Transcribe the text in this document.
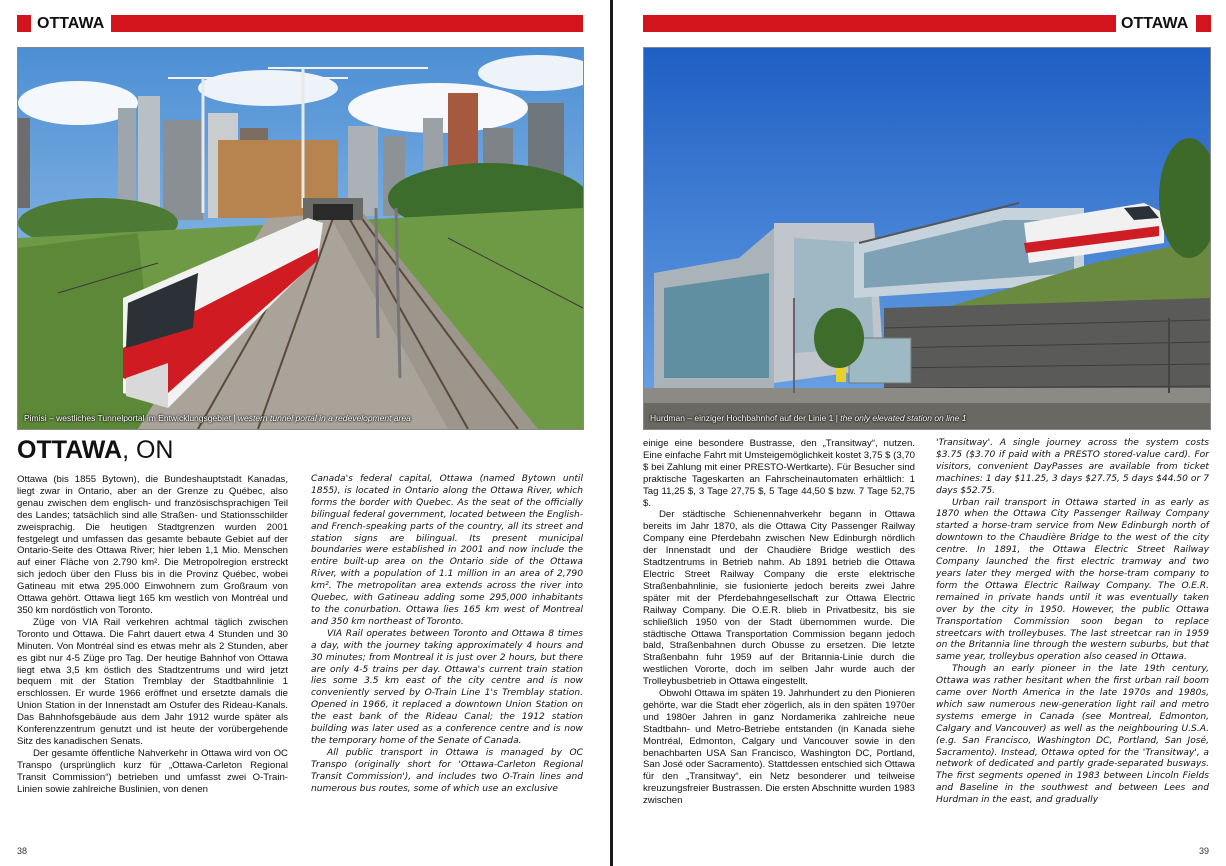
OTTAWA
Pimisi – westliches Tunnelportal im Entwicklungsgebiet | western tunnel portal in a redevelopment area
OTTAWA, ON

Ottawa (bis 1855 Bytown), die Bundeshauptstadt Kanadas, liegt zwar in Ontario, aber an der Grenze zu Québec, also genau zwischen dem englisch- und französischsprachigen Teil des Landes; tatsächlich sind alle Straßen- und Stationsschilder zweisprachig. Die heutigen Stadtgrenzen wurden 2001 festgelegt und umfassen das gesamte bebaute Gebiet auf der Ontario-Seite des Ottawa River; hier leben 1,1 Mio. Menschen auf einer Fläche von 2.790 km². Die Metropolregion erstreckt sich jedoch über den Fluss bis in die Provinz Québec, wobei Gatineau mit etwa 295.000 Einwohnern zum Großraum von Ottawa gehört. Ottawa liegt 165 km westlich von Montréal und 350 km nordöstlich von Toronto.

Züge von VIA Rail verkehren achtmal täglich zwischen Toronto und Ottawa. Die Fahrt dauert etwa 4 Stunden und 30 Minuten. Von Montréal sind es etwas mehr als 2 Stunden, aber es gibt nur 4-5 Züge pro Tag. Der heutige Bahnhof von Ottawa liegt etwa 3,5 km östlich des Stadtzentrums und wird jetzt bequem mit der Station Tremblay der Stadtbahnlinie 1 erschlossen. Er wurde 1966 eröffnet und ersetzte damals die Union Station in der Innenstadt am Ostufer des Rideau-Kanals. Das Bahnhofsgebäude aus dem Jahr 1912 wurde später als Konferenzzentrum genutzt und ist heute der vorübergehende Sitz des kanadischen Senats.

Der gesamte öffentliche Nahverkehr in Ottawa wird von OC Transpo (ursprünglich kurz für „Ottawa-Carleton Regional Transit Commission“) betrieben und umfasst zwei O-Train-Linien sowie zahlreiche Buslinien, von denen

Canada's federal capital, Ottawa (named Bytown until 1855), is located in Ontario along the Ottawa River, which forms the border with Quebec. As the seat of the officially bilingual federal government, located between the English- and French-speaking parts of the country, all its street and station signs are bilingual. Its present municipal boundaries were established in 2001 and now include the entire built-up area on the Ontario side of the Ottawa River, with a population of 1.1 million in an area of 2,790 km². The metropolitan area extends across the river into Quebec, with Gatineau adding some 295,000 inhabitants to the conurbation. Ottawa lies 165 km west of Montreal and 350 km northeast of Toronto.

VIA Rail operates between Toronto and Ottawa 8 times a day, with the journey taking approximately 4 hours and 30 minutes; from Montreal it is just over 2 hours, but there are only 4-5 trains per day. Ottawa's current train station lies some 3.5 km east of the city centre and is now conveniently served by O-Train Line 1's Tremblay station. Opened in 1966, it replaced a downtown Union Station on the east bank of the Rideau Canal; the 1912 station building was later used as a conference centre and is now the temporary home of the Senate of Canada.

All public transport in Ottawa is managed by OC Transpo (originally short for 'Ottawa-Carleton Regional Transit Commission'), and includes two O-Train lines and numerous bus routes, some of which use an exclusive

38
OTTAWA
Hurdman – einziger Hochbahnhof auf der Linie 1 | the only elevated station on line 1

einige eine besondere Bustrasse, den „Transitway“, nutzen. Eine einfache Fahrt mit Umsteigemöglichkeit kostet 3,75 $ (3,70 $ bei Zahlung mit einer PRESTO-Wertkarte). Für Besucher sind praktische Tageskarten an Fahrscheinautomaten erhältlich: 1 Tag 11,25 $, 3 Tage 27,75 $, 5 Tage 44,50 $ bzw. 7 Tage 52,75 $.

Der städtische Schienennahverkehr begann in Ottawa bereits im Jahr 1870, als die Ottawa City Passenger Railway Company eine Pferdebahn zwischen New Edinburgh nördlich der Innenstadt und der Chaudière Bridge westlich des Stadtzentrums in Betrieb nahm. Ab 1891 betrieb die Ottawa Electric Street Railway Company die erste elektrische Straßenbahnlinie, sie fusionierte jedoch bereits zwei Jahre später mit der Pferdebahngesellschaft zur Ottawa Electric Railway Company. Die O.E.R. blieb in Privatbesitz, bis sie schließlich 1950 von der Stadt übernommen wurde. Die städtische Ottawa Transportation Commission begann jedoch bald, Straßenbahnen durch Obusse zu ersetzen. Die letzte Straßenbahn fuhr 1959 auf der Britannia-Linie durch die westlichen Vororte, doch im selben Jahr wurde auch der Trolleybusbetrieb in Ottawa eingestellt.

Obwohl Ottawa im späten 19. Jahrhundert zu den Pionieren gehörte, war die Stadt eher zögerlich, als in den späten 1970er und 1980er Jahren in ganz Nordamerika zahlreiche neue Stadtbahn- und Metro-Betriebe entstanden (in Kanada siehe Montréal, Edmonton, Calgary und Vancouver sowie in den benachbarten USA San Francisco, Washington DC, Portland, San José oder Sacramento). Stattdessen entschied sich Ottawa für den „Transitway“, ein Netz besonderer und teilweise kreuzungsfreier Bustrassen. Die ersten Abschnitte wurden 1983 zwischen

'Transitway'. A single journey across the system costs $3.75 ($3.70 if paid with a PRESTO stored-value card). For visitors, convenient DayPasses are available from ticket machines: 1 day $11.25, 3 days $27.75, 5 days $44.50 or 7 days $52.75.

Urban rail transport in Ottawa started in as early as 1870 when the Ottawa City Passenger Railway Company started a horse-tram service from New Edinburgh north of downtown to the Chaudière Bridge to the west of the city centre. In 1891, the Ottawa Electric Street Railway Company launched the first electric tramway and two years later they merged with the horse-tram company to form the Ottawa Electric Railway Company. The O.E.R. remained in private hands until it was eventually taken over by the city in 1950. However, the public Ottawa Transportation Commission soon began to replace streetcars with trolleybuses. The last streetcar ran in 1959 on the Britannia line through the western suburbs, but that same year, trolleybus operation also ceased in Ottawa.

Though an early pioneer in the late 19th century, Ottawa was rather hesitant when the first urban rail boom came over North America in the late 1970s and 1980s, which saw numerous new-generation light rail and metro systems emerge in Canada (see Montreal, Edmonton, Calgary and Vancouver) as well as the neighbouring U.S.A. (e.g. San Francisco, Washington DC, Portland, San José, Sacramento). Instead, Ottawa opted for the 'Transitway', a network of dedicated and partly grade-separated busways. The first segments opened in 1983 between Lincoln Fields and Baseline in the southwest and between Lees and Hurdman in the east, and gradually

39
